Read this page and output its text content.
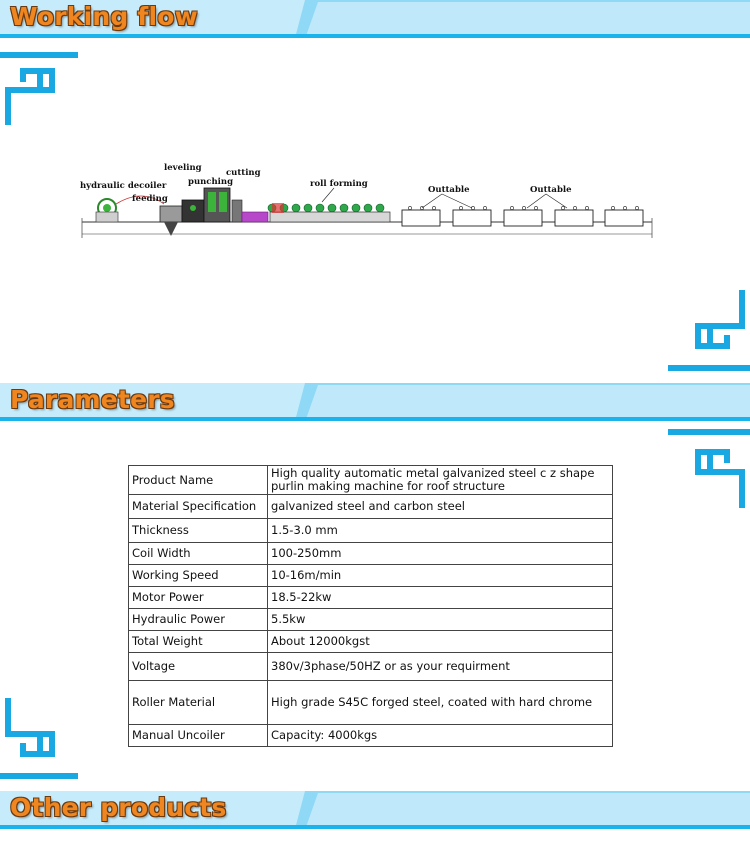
Working flow
hydraulic decoiler
leveling
punching
cutting
feeding
roll forming
Outtable	Outtable
Parameters
Product Name	High quality automatic metal galvanized steel c z shape purlin making machine for roof structure
Material Specification	galvanized steel and carbon steel
Thickness	1.5-3.0 mm
Coil Width	100-250mm
Working Speed	10-16m/min
Motor Power	18.5-22kw
Hydraulic Power	5.5kw
Total Weight	About 12000kgst
Voltage	380v/3phase/50HZ or as your requirment
Roller Material	High grade S45C forged steel, coated with hard chrome
Manual Uncoiler	Capacity: 4000kgs
Other products
